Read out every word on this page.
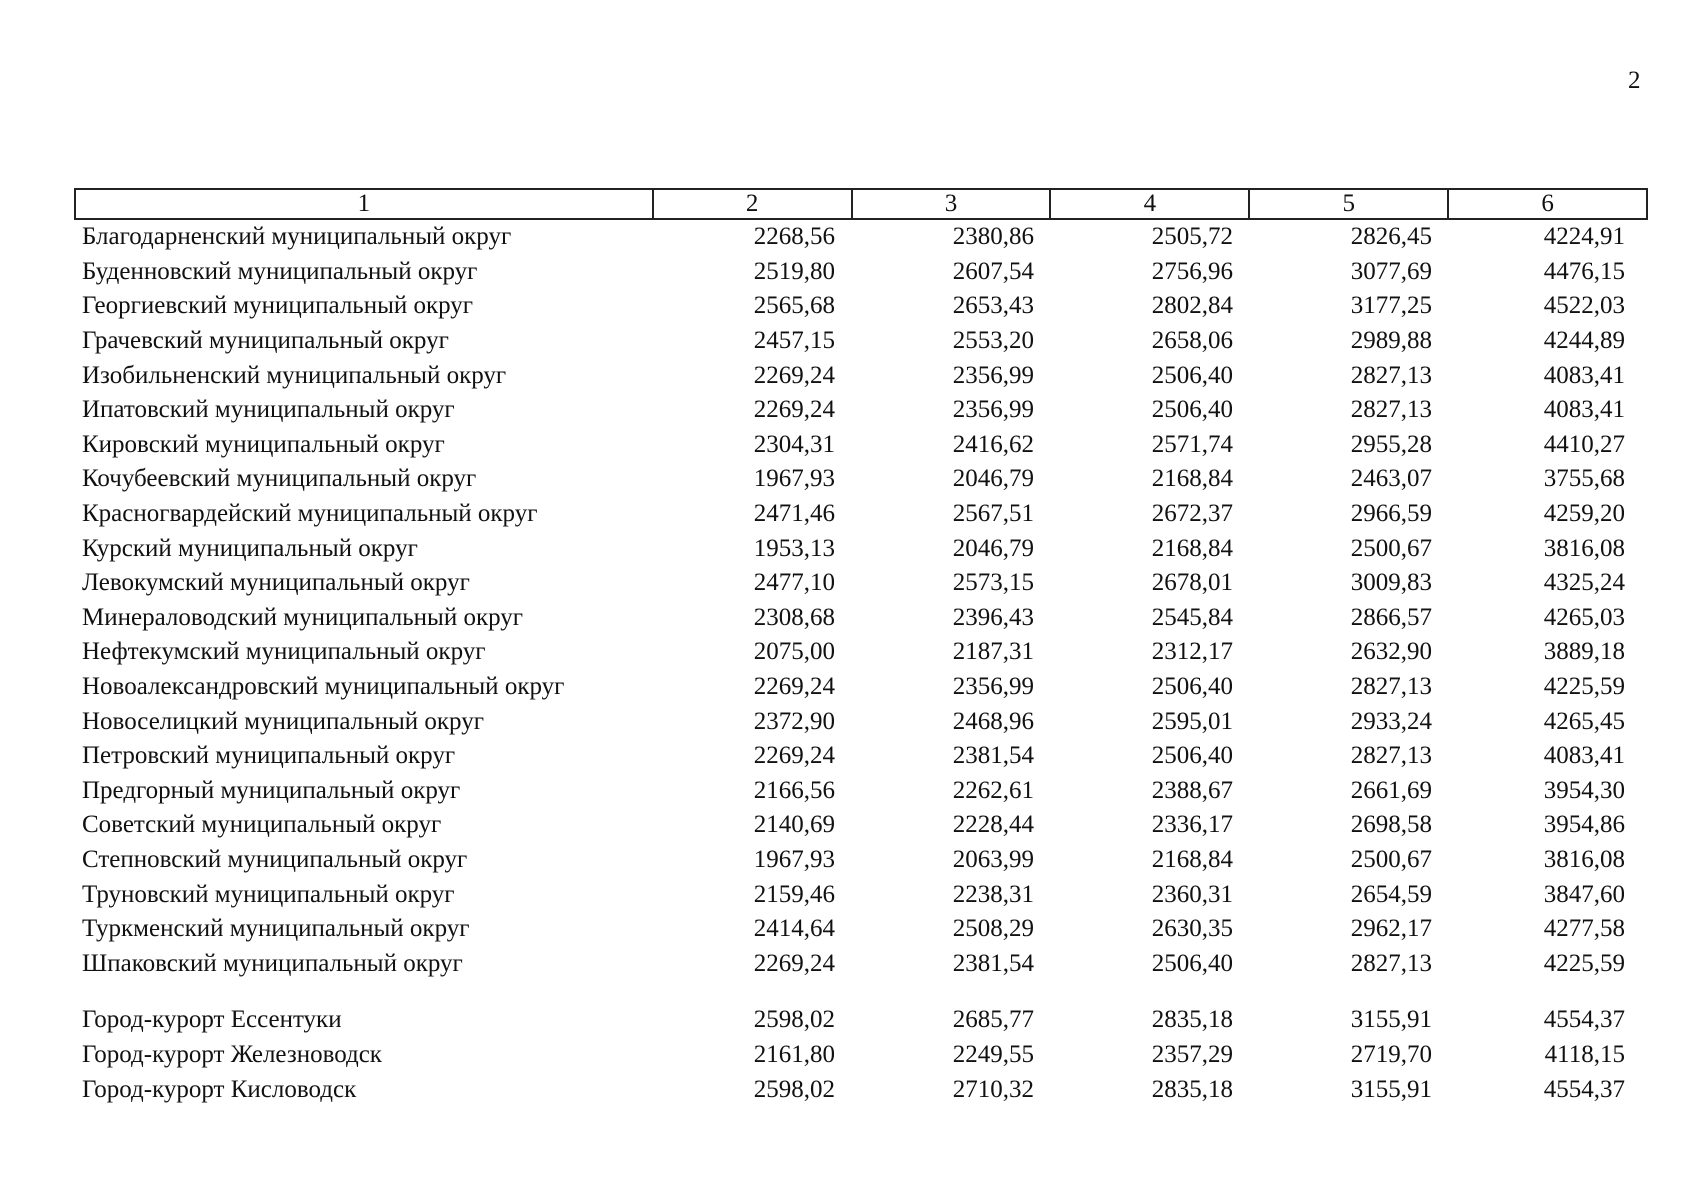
2
1	2	3	4	5	6
Благодарненский муниципальный округ	2268,56	2380,86	2505,72	2826,45	4224,91
Буденновский муниципальный округ	2519,80	2607,54	2756,96	3077,69	4476,15
Георгиевский муниципальный округ	2565,68	2653,43	2802,84	3177,25	4522,03
Грачевский муниципальный округ	2457,15	2553,20	2658,06	2989,88	4244,89
Изобильненский муниципальный округ	2269,24	2356,99	2506,40	2827,13	4083,41
Ипатовский муниципальный округ	2269,24	2356,99	2506,40	2827,13	4083,41
Кировский муниципальный округ	2304,31	2416,62	2571,74	2955,28	4410,27
Кочубеевский муниципальный округ	1967,93	2046,79	2168,84	2463,07	3755,68
Красногвардейский муниципальный округ	2471,46	2567,51	2672,37	2966,59	4259,20
Курский муниципальный округ	1953,13	2046,79	2168,84	2500,67	3816,08
Левокумский муниципальный округ	2477,10	2573,15	2678,01	3009,83	4325,24
Минераловодский муниципальный округ	2308,68	2396,43	2545,84	2866,57	4265,03
Нефтекумский муниципальный округ	2075,00	2187,31	2312,17	2632,90	3889,18
Новоалександровский муниципальный округ	2269,24	2356,99	2506,40	2827,13	4225,59
Новоселицкий муниципальный округ	2372,90	2468,96	2595,01	2933,24	4265,45
Петровский муниципальный округ	2269,24	2381,54	2506,40	2827,13	4083,41
Предгорный муниципальный округ	2166,56	2262,61	2388,67	2661,69	3954,30
Советский муниципальный округ	2140,69	2228,44	2336,17	2698,58	3954,86
Степновский муниципальный округ	1967,93	2063,99	2168,84	2500,67	3816,08
Труновский муниципальный округ	2159,46	2238,31	2360,31	2654,59	3847,60
Туркменский муниципальный округ	2414,64	2508,29	2630,35	2962,17	4277,58
Шпаковский муниципальный округ	2269,24	2381,54	2506,40	2827,13	4225,59
Город-курорт Ессентуки	2598,02	2685,77	2835,18	3155,91	4554,37
Город-курорт Железноводск	2161,80	2249,55	2357,29	2719,70	4118,15
Город-курорт Кисловодск	2598,02	2710,32	2835,18	3155,91	4554,37
